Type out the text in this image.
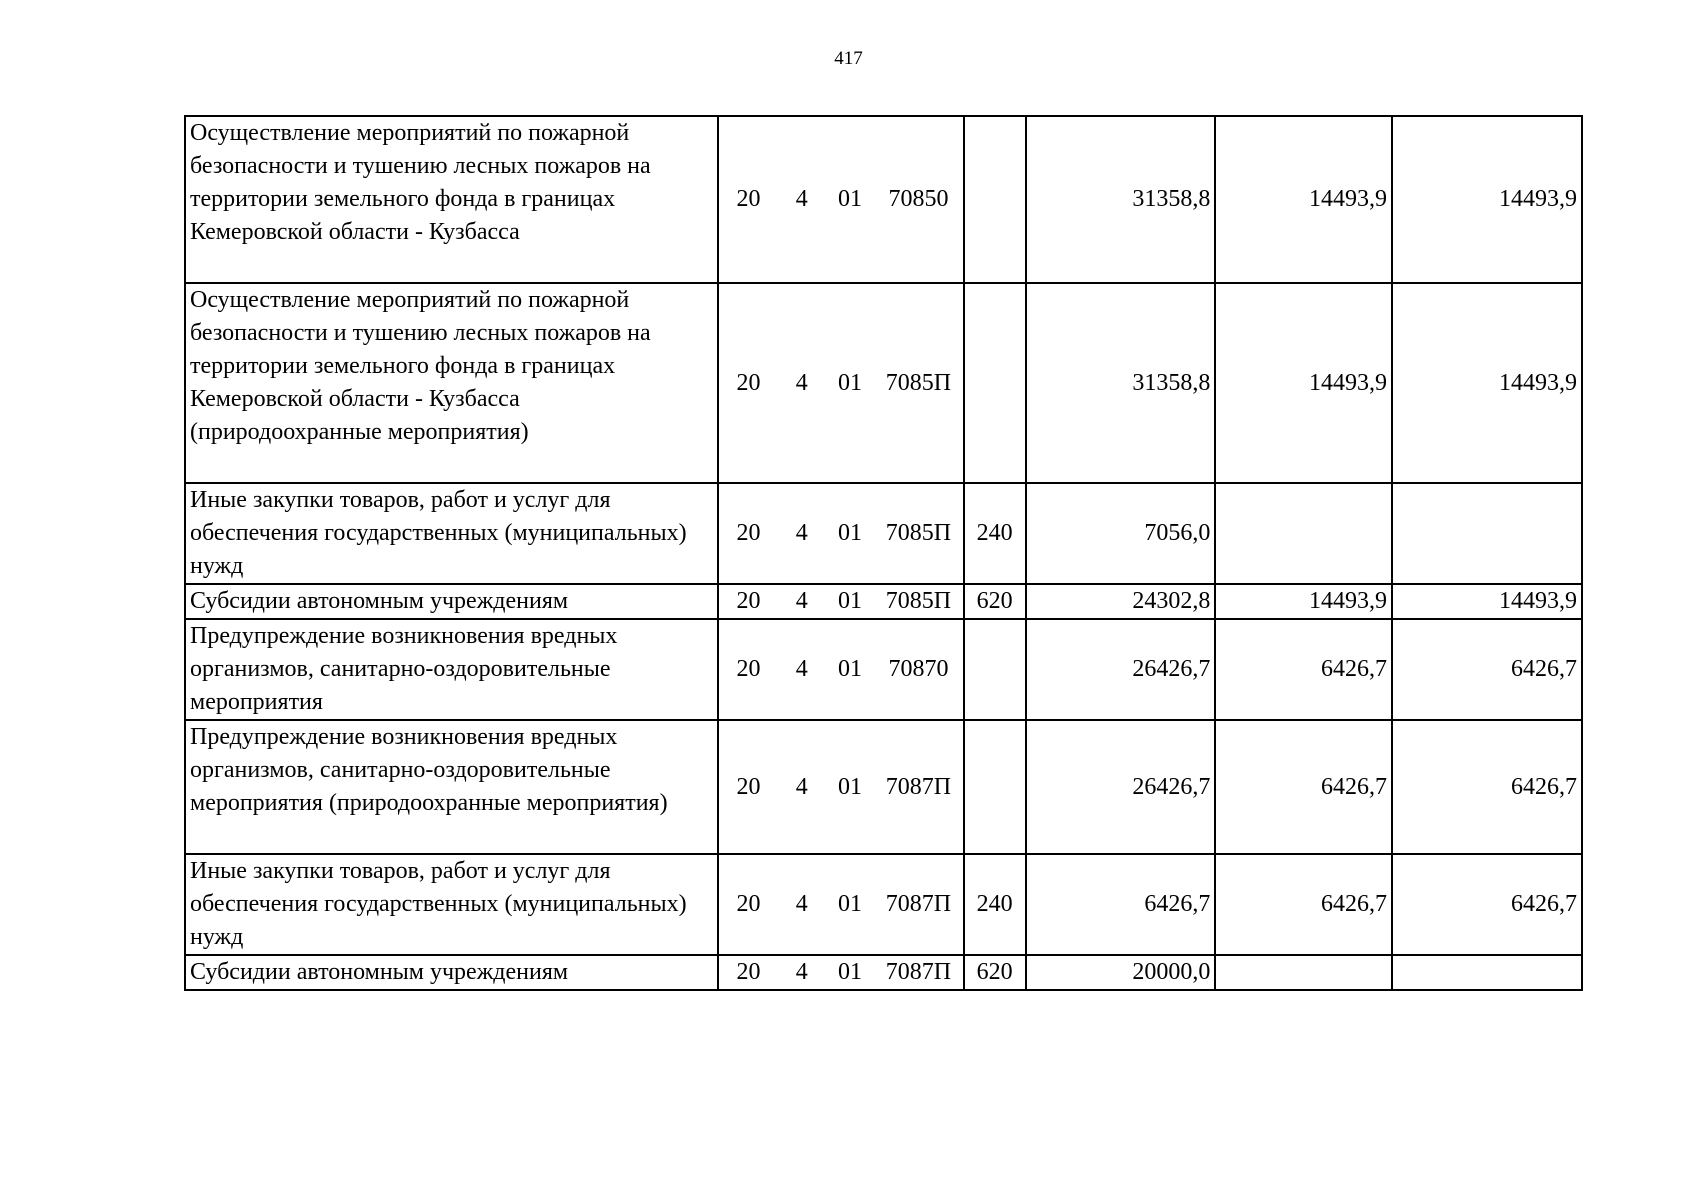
417
Осуществление мероприятий по пожарной безопасности и тушению лесных пожаров на территории земельного фонда в границах Кемеровской области - Кузбасса	20	4	01	70850		31358,8	14493,9	14493,9
Осуществление мероприятий по пожарной безопасности и тушению лесных пожаров на территории земельного фонда в границах Кемеровской области - Кузбасса (природоохранные мероприятия)	20	4	01	7085П		31358,8	14493,9	14493,9
Иные закупки товаров, работ и услуг для обеспечения государственных (муниципальных) нужд	20	4	01	7085П	240	7056,0		
Субсидии автономным учреждениям	20	4	01	7085П	620	24302,8	14493,9	14493,9
Предупреждение возникновения вредных организмов, санитарно-оздоровительные мероприятия	20	4	01	70870		26426,7	6426,7	6426,7
Предупреждение возникновения вредных организмов, санитарно-оздоровительные мероприятия (природоохранные мероприятия)	20	4	01	7087П		26426,7	6426,7	6426,7
Иные закупки товаров, работ и услуг для обеспечения государственных (муниципальных) нужд	20	4	01	7087П	240	6426,7	6426,7	6426,7
Субсидии автономным учреждениям	20	4	01	7087П	620	20000,0		
